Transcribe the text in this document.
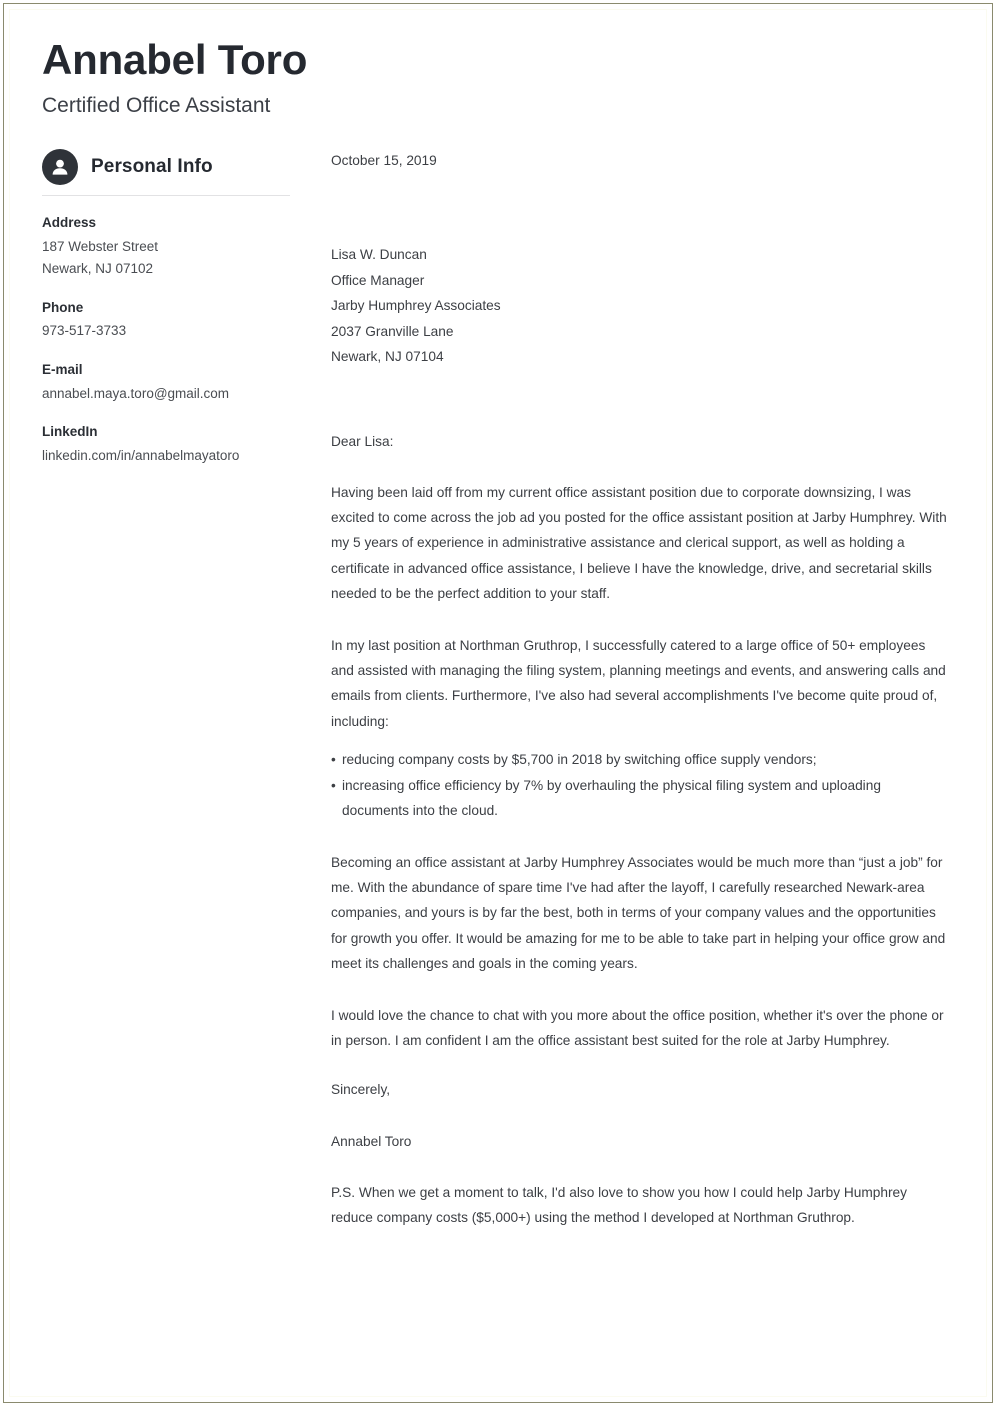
Annabel Toro
Certified Office Assistant
Personal Info
Address
187 Webster Street
Newark, NJ 07102
Phone
973-517-3733
E-mail
annabel.maya.toro@gmail.com
LinkedIn
linkedin.com/in/annabelmayatoro
October 15, 2019
Lisa W. Duncan
Office Manager
Jarby Humphrey Associates
2037 Granville Lane
Newark, NJ 07104
Dear Lisa:

Having been laid off from my current office assistant position due to corporate downsizing, I was excited to come across the job ad you posted for the office assistant position at Jarby Humphrey. With my 5 years of experience in administrative assistance and clerical support, as well as holding a certificate in advanced office assistance, I believe I have the knowledge, drive, and secretarial skills needed to be the perfect addition to your staff.

In my last position at Northman Gruthrop, I successfully catered to a large office of 50+ employees and assisted with managing the filing system, planning meetings and events, and answering calls and emails from clients. Furthermore, I've also had several accomplishments I've become quite proud of, including:

• reducing company costs by $5,700 in 2018 by switching office supply vendors;
• increasing office efficiency by 7% by overhauling the physical filing system and uploading documents into the cloud.

Becoming an office assistant at Jarby Humphrey Associates would be much more than “just a job” for me. With the abundance of spare time I've had after the layoff, I carefully researched Newark-area companies, and yours is by far the best, both in terms of your company values and the opportunities for growth you offer. It would be amazing for me to be able to take part in helping your office grow and meet its challenges and goals in the coming years.

I would love the chance to chat with you more about the office position, whether it's over the phone or in person. I am confident I am the office assistant best suited for the role at Jarby Humphrey.

Sincerely,
Annabel Toro

P.S. When we get a moment to talk, I'd also love to show you how I could help Jarby Humphrey reduce company costs ($5,000+) using the method I developed at Northman Gruthrop.
